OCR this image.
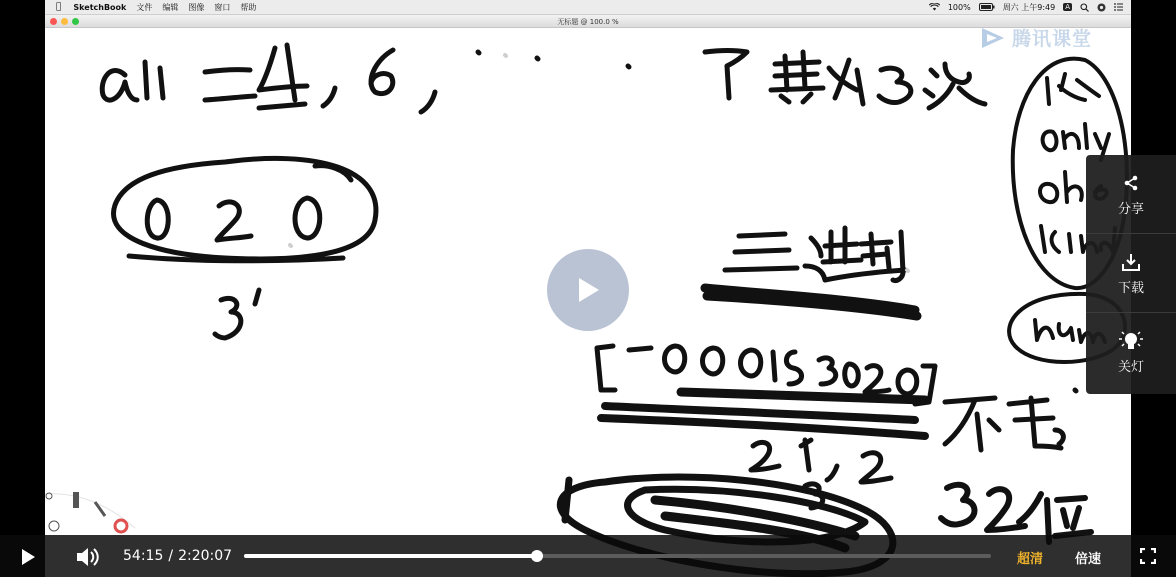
SketchBook 文件 编辑 图像 窗口 帮助	100%	周六 上午9:49 A
无标题 @ 100.0 %
腾讯课堂
分享
下载
关灯
54:15 / 2:20:07	超清 倍速
